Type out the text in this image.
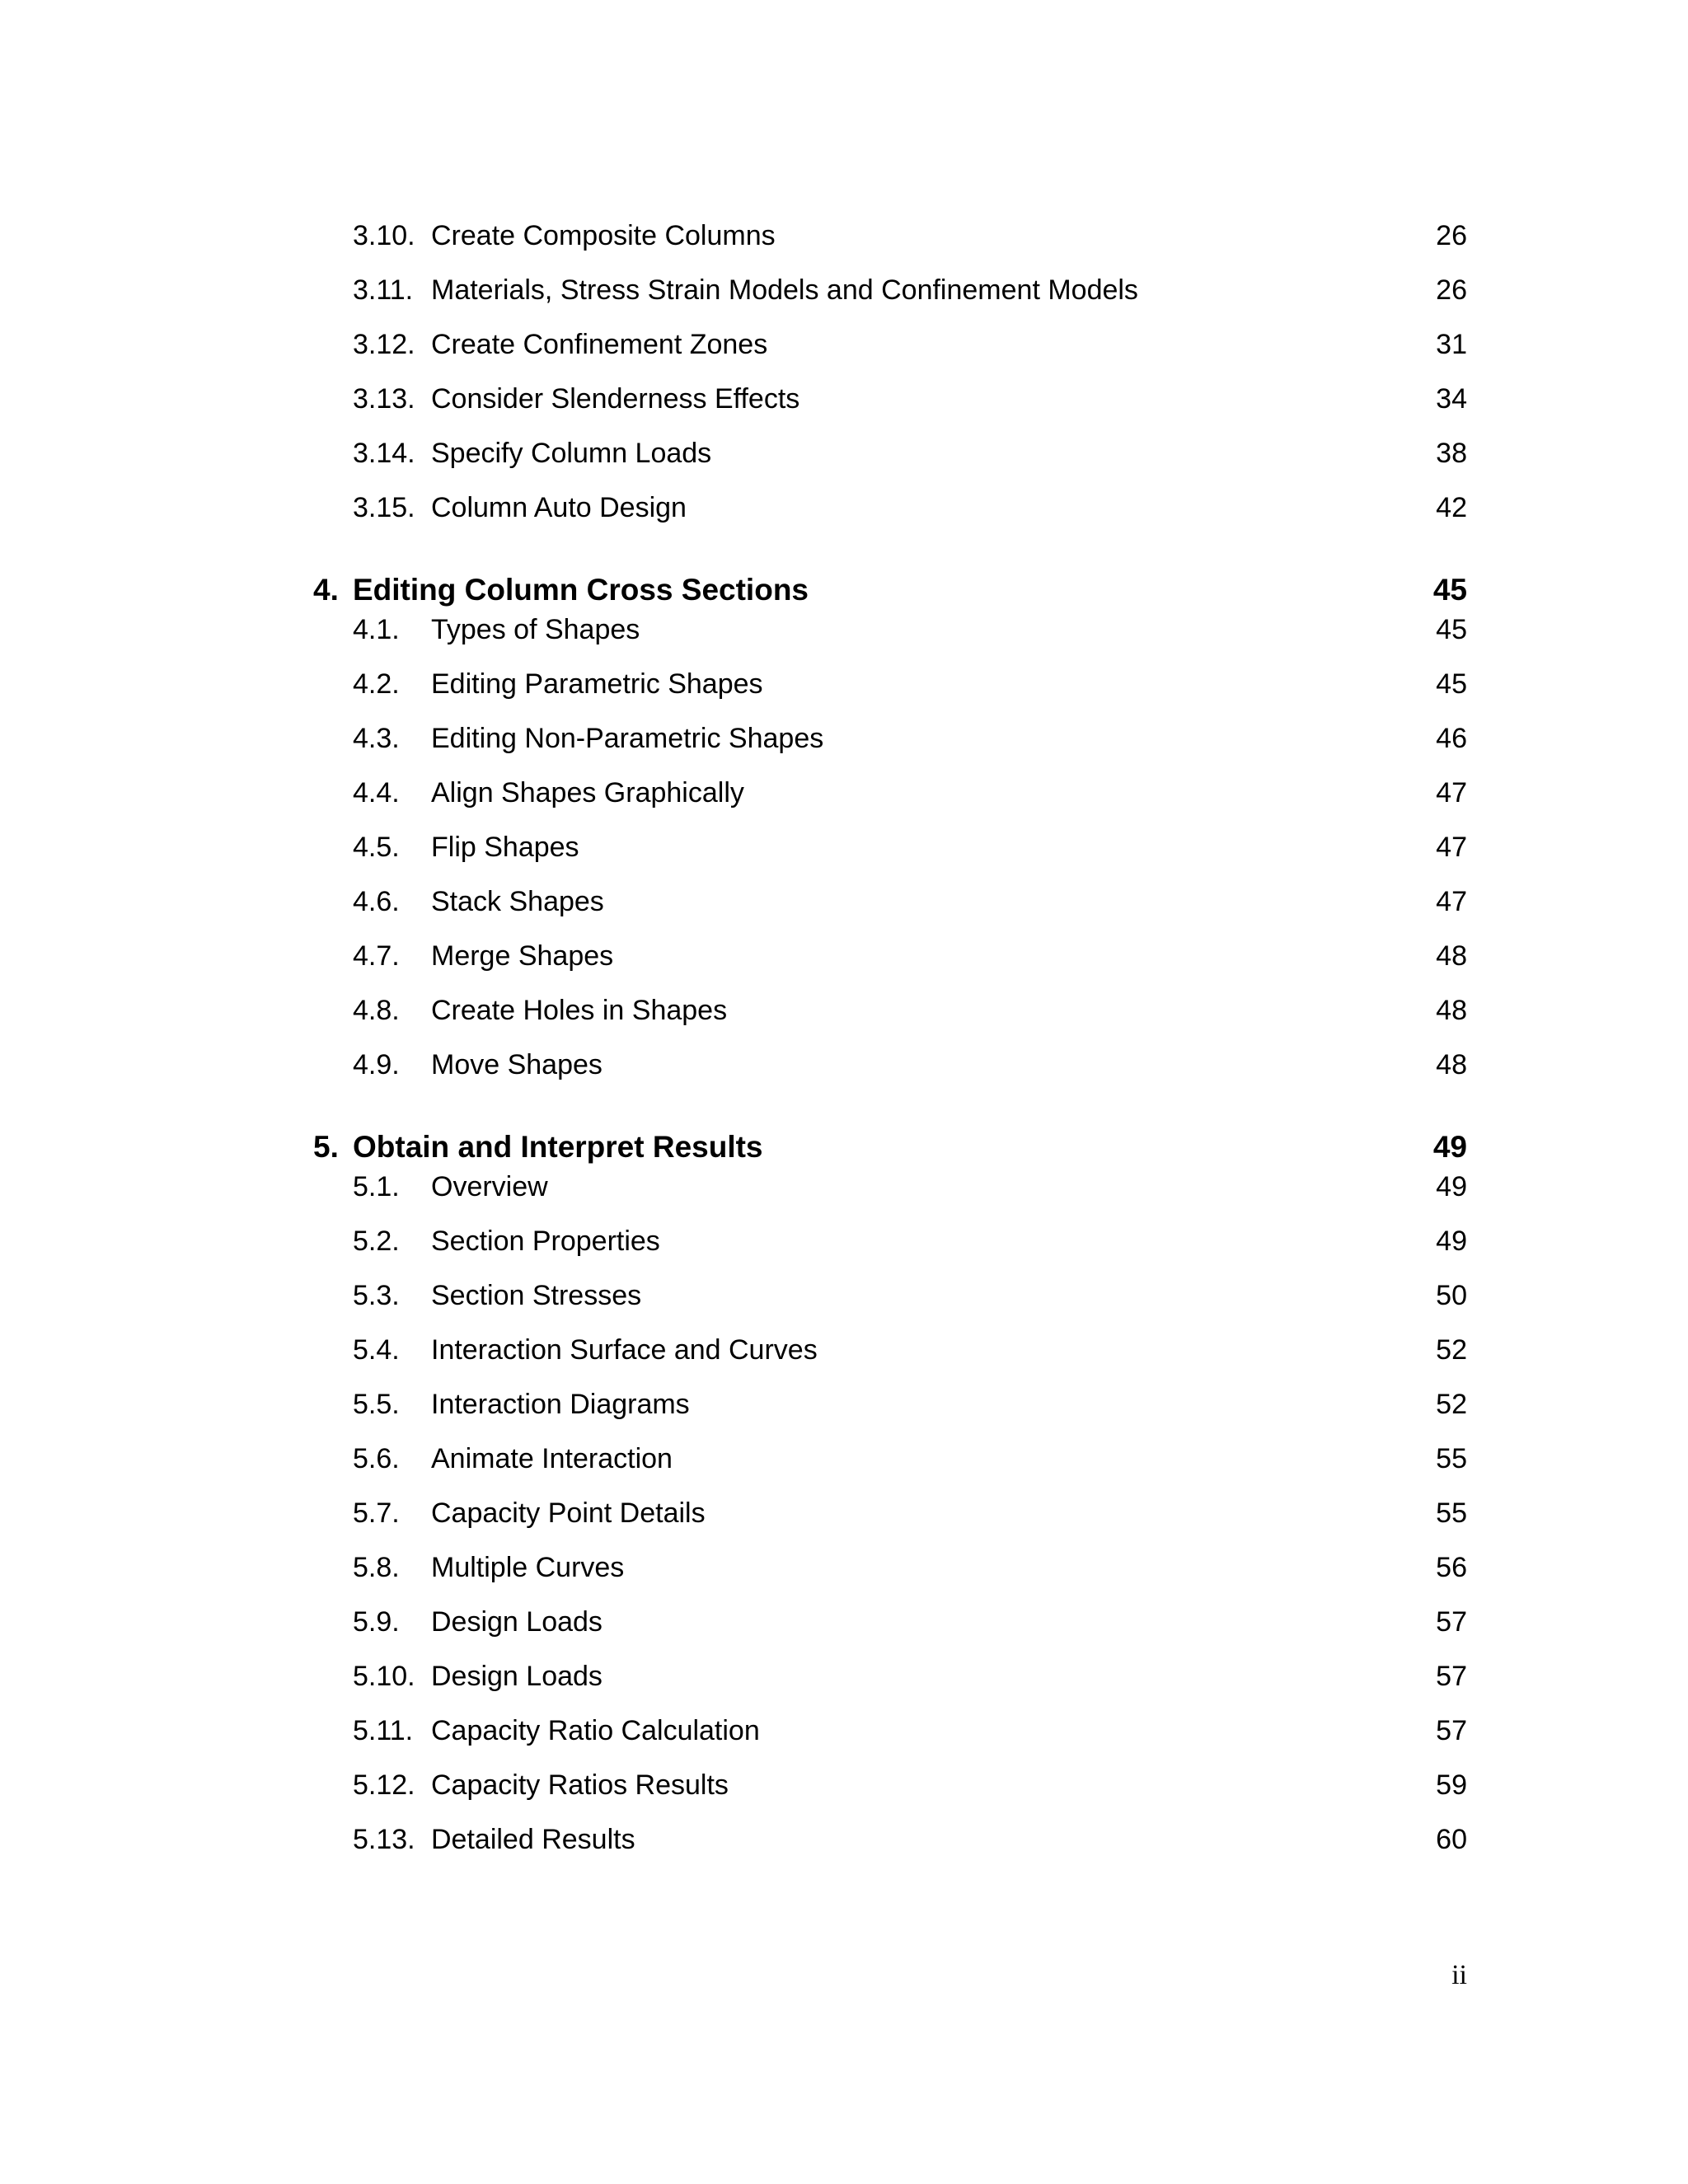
3.10. Create Composite Columns	26
3.11. Materials, Stress Strain Models and Confinement Models	26
3.12. Create Confinement Zones	31
3.13. Consider Slenderness Effects	34
3.14. Specify Column Loads	38
3.15. Column Auto Design	42
4. Editing Column Cross Sections	45
4.1. Types of Shapes	45
4.2. Editing Parametric Shapes	45
4.3. Editing Non-Parametric Shapes	46
4.4. Align Shapes Graphically	47
4.5. Flip Shapes	47
4.6. Stack Shapes	47
4.7. Merge Shapes	48
4.8. Create Holes in Shapes	48
4.9. Move Shapes	48
5. Obtain and Interpret Results	49
5.1. Overview	49
5.2. Section Properties	49
5.3. Section Stresses	50
5.4. Interaction Surface and Curves	52
5.5. Interaction Diagrams	52
5.6. Animate Interaction	55
5.7. Capacity Point Details	55
5.8. Multiple Curves	56
5.9. Design Loads	57
5.10. Design Loads	57
5.11. Capacity Ratio Calculation	57
5.12. Capacity Ratios Results	59
5.13. Detailed Results	60
ii
